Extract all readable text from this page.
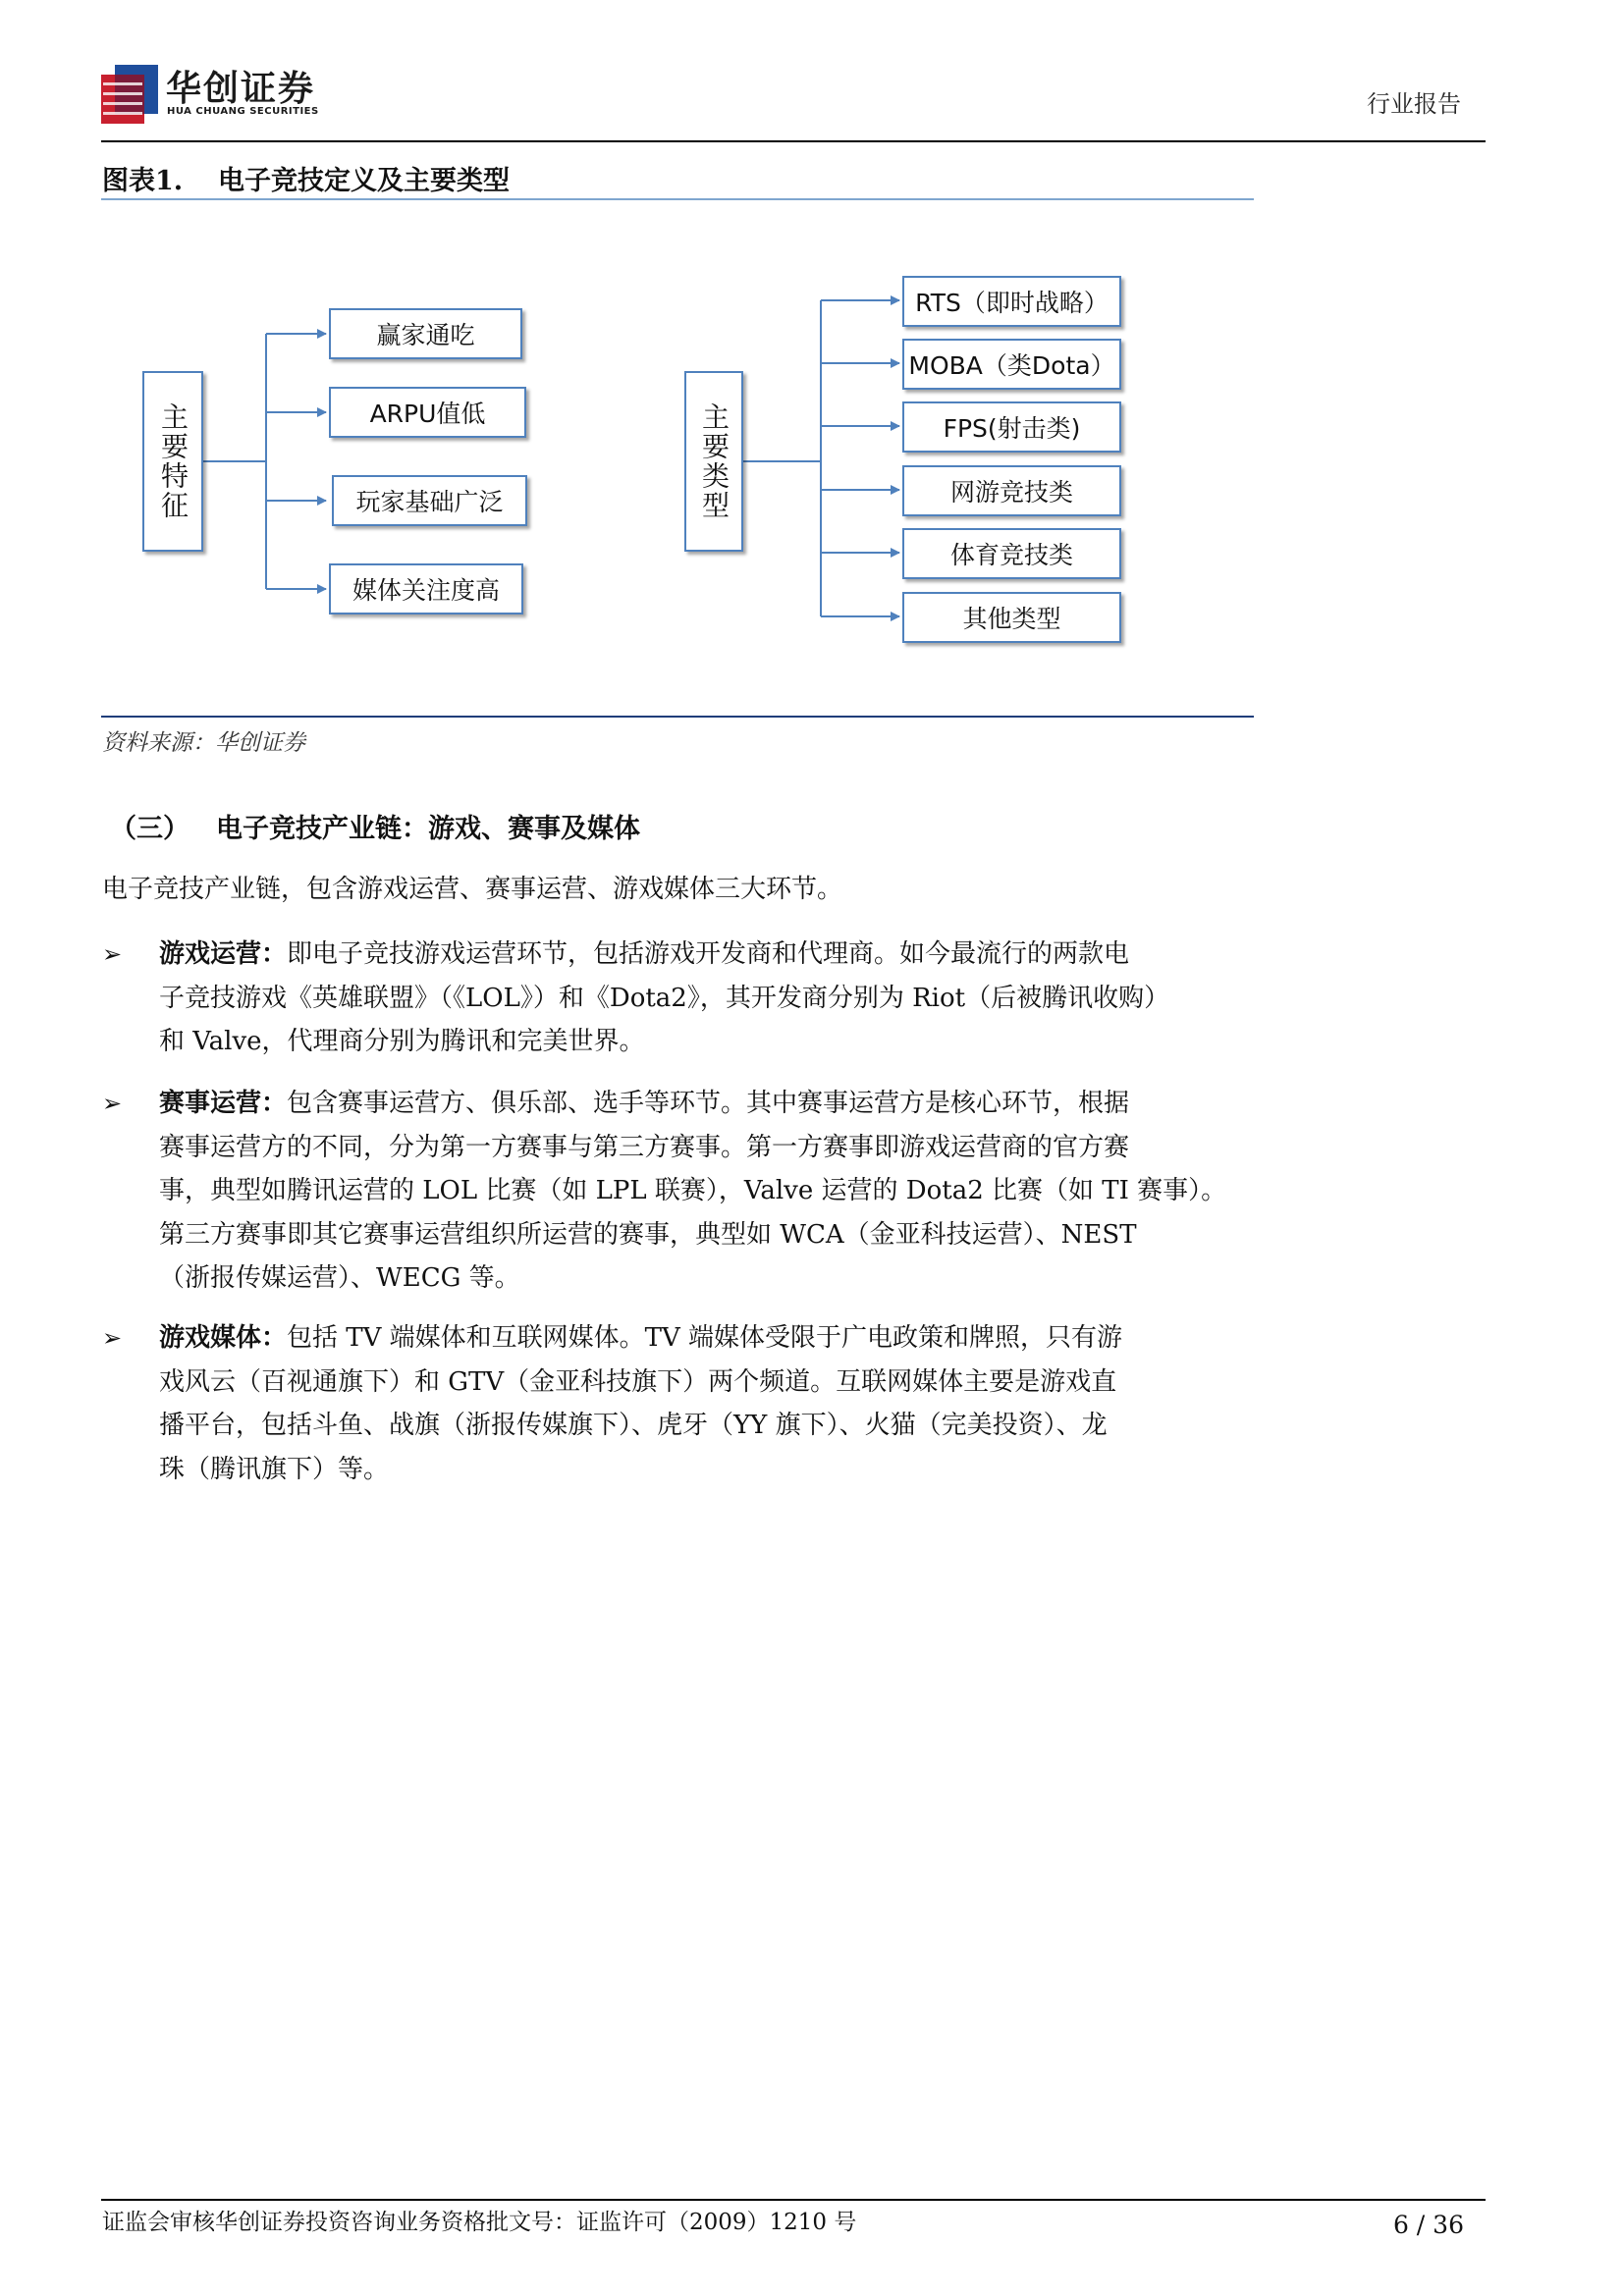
华创证券
HUA CHUANG SECURITIES	行业报告
图表1. 电子竞技定义及主要类型
主要特征
赢家通吃
ARPU值低
玩家基础广泛
媒体关注度高
主要类型
RTS（即时战略）
MOBA（类Dota）
FPS(射击类)
网游竞技类
体育竞技类
其他类型
资料来源：华创证券
（三） 电子竞技产业链：游戏、赛事及媒体
电子竞技产业链，包含游戏运营、赛事运营、游戏媒体三大环节。
➢	游戏运营：即电子竞技游戏运营环节，包括游戏开发商和代理商。如今最流行的两款电
子竞技游戏《英雄联盟》（《LOL》）和《Dota2》，其开发商分别为 Riot（后被腾讯收购）
和 Valve，代理商分别为腾讯和完美世界。
➢	赛事运营：包含赛事运营方、俱乐部、选手等环节。其中赛事运营方是核心环节，根据
赛事运营方的不同，分为第一方赛事与第三方赛事。第一方赛事即游戏运营商的官方赛
事，典型如腾讯运营的 LOL 比赛（如 LPL 联赛），Valve 运营的 Dota2 比赛（如 TI 赛事）。
第三方赛事即其它赛事运营组织所运营的赛事，典型如 WCA（金亚科技运营）、NEST
（浙报传媒运营）、WECG 等。
➢	游戏媒体：包括 TV 端媒体和互联网媒体。TV 端媒体受限于广电政策和牌照，只有游
戏风云（百视通旗下）和 GTV（金亚科技旗下）两个频道。互联网媒体主要是游戏直
播平台，包括斗鱼、战旗（浙报传媒旗下）、虎牙（YY 旗下）、火猫（完美投资）、龙
珠（腾讯旗下）等。
证监会审核华创证券投资咨询业务资格批文号：证监许可（2009）1210 号	6 / 36
